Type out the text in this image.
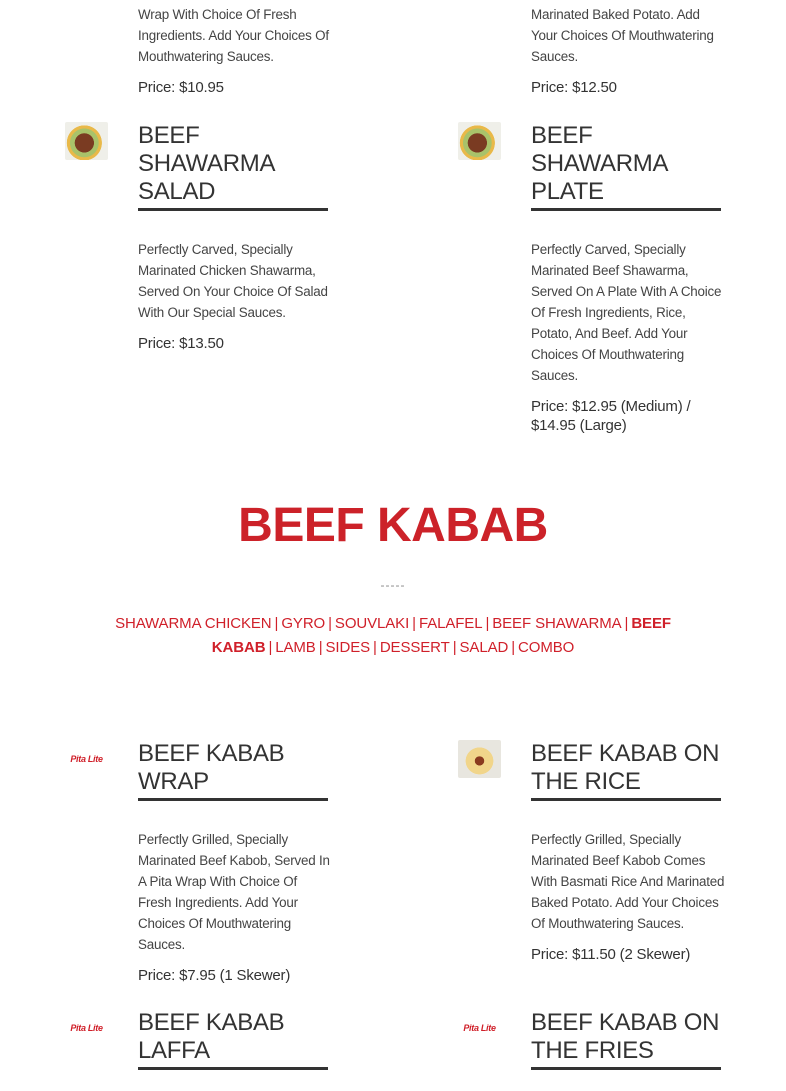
Wrap With Choice Of Fresh Ingredients. Add Your Choices Of Mouthwatering Sauces.
Price: $10.95
Marinated Baked Potato. Add Your Choices Of Mouthwatering Sauces.
Price: $12.50
BEEF SHAWARMA SALAD
Perfectly Carved, Specially Marinated Chicken Shawarma, Served On Your Choice Of Salad With Our Special Sauces.
Price: $13.50
BEEF SHAWARMA PLATE
Perfectly Carved, Specially Marinated Beef Shawarma, Served On A Plate With A Choice Of Fresh Ingredients, Rice, Potato, And Beef. Add Your Choices Of Mouthwatering Sauces.
Price: $12.95 (Medium) / $14.95 (Large)
BEEF KABAB
-----
SHAWARMA CHICKEN | GYRO | SOUVLAKI | FALAFEL | BEEF SHAWARMA | BEEF KABAB | LAMB | SIDES | DESSERT | SALAD | COMBO
Pita Lite BEEF KABAB WRAP
Perfectly Grilled, Specially Marinated Beef Kabob, Served In A Pita Wrap With Choice Of Fresh Ingredients. Add Your Choices Of Mouthwatering Sauces.
Price: $7.95 (1 Skewer)
BEEF KABAB ON THE RICE
Perfectly Grilled, Specially Marinated Beef Kabob Comes With Basmati Rice And Marinated Baked Potato. Add Your Choices Of Mouthwatering Sauces.
Price: $11.50 (2 Skewer)
Pita Lite BEEF KABAB LAFFA
Pita Lite BEEF KABAB ON THE FRIES
